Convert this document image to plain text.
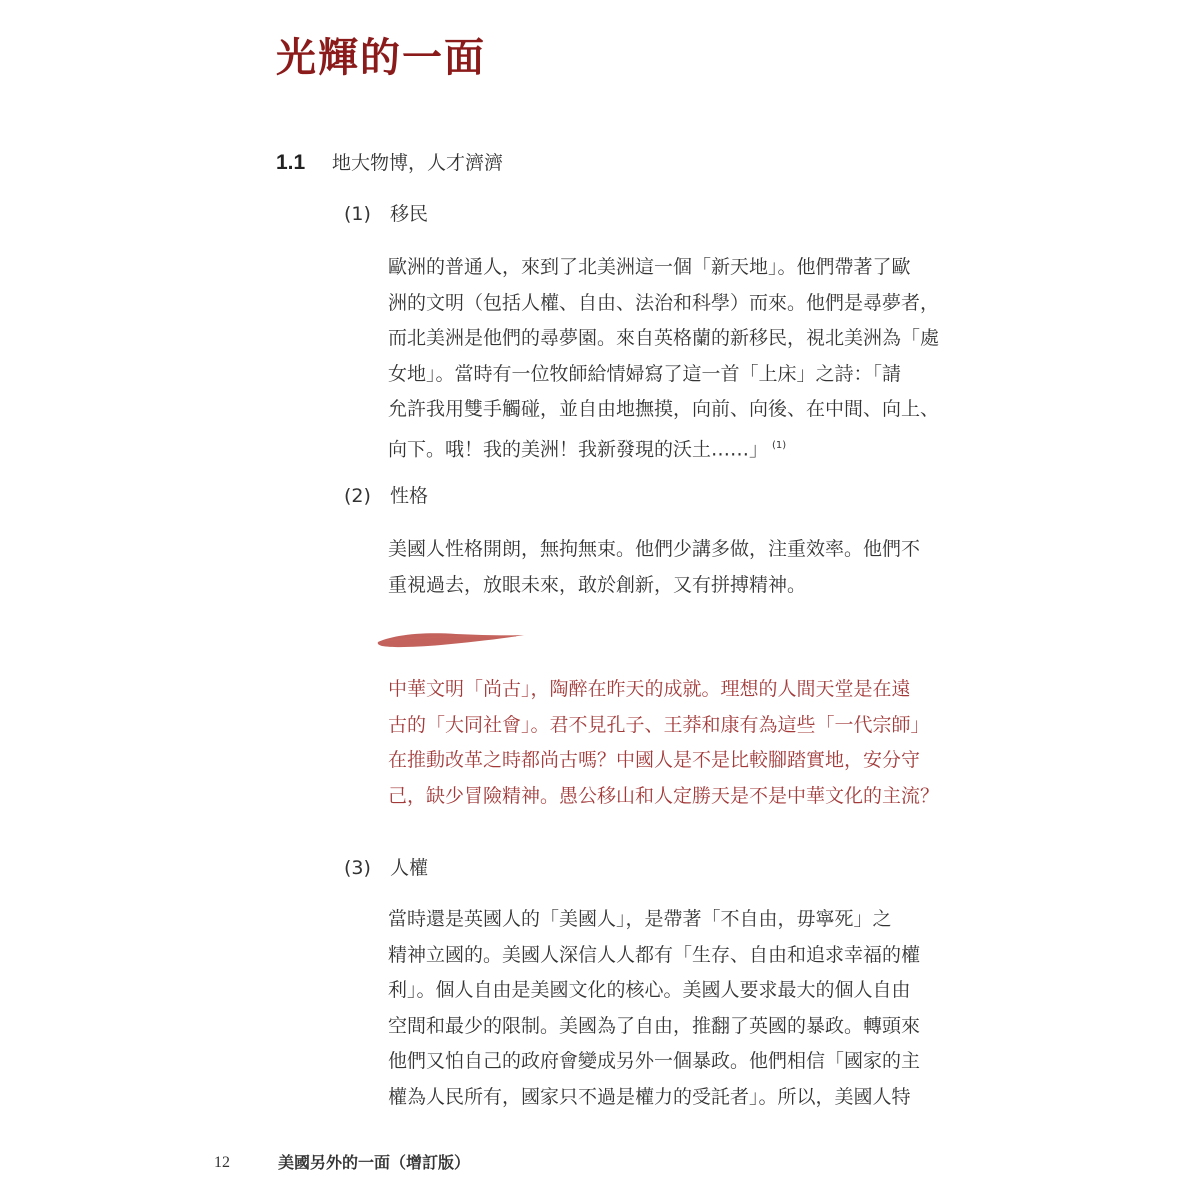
光輝的一面
1.1 地大物博，人才濟濟
(1) 移民
歐洲的普通人，來到了北美洲這一個「新天地」。他們帶著了歐
洲的文明（包括人權、自由、法治和科學）而來。他們是尋夢者，
而北美洲是他們的尋夢園。來自英格蘭的新移民，視北美洲為「處
女地」。當時有一位牧師給情婦寫了這一首「上床」之詩：「請
允許我用雙手觸碰，並自由地撫摸，向前、向後、在中間、向上、
向下。哦！我的美洲！我新發現的沃土……」 $^{(1)}$
(2) 性格
美國人性格開朗，無拘無束。他們少講多做，注重效率。他們不
重視過去，放眼未來，敢於創新，又有拼搏精神。
中華文明「尚古」，陶醉在昨天的成就。理想的人間天堂是在遠
古的「大同社會」。君不見孔子、王莽和康有為這些「一代宗師」
在推動改革之時都尚古嗎？中國人是不是比較腳踏實地，安分守
己，缺少冒險精神。愚公移山和人定勝天是不是中華文化的主流？
(3) 人權
當時還是英國人的「美國人」，是帶著「不自由，毋寧死」之
精神立國的。美國人深信人人都有「生存、自由和追求幸福的權
利」。個人自由是美國文化的核心。美國人要求最大的個人自由
空間和最少的限制。美國為了自由，推翻了英國的暴政。轉頭來
他們又怕自己的政府會變成另外一個暴政。他們相信「國家的主
權為人民所有，國家只不過是權力的受託者」。所以，美國人特
12	美國另外的一面（增訂版）
